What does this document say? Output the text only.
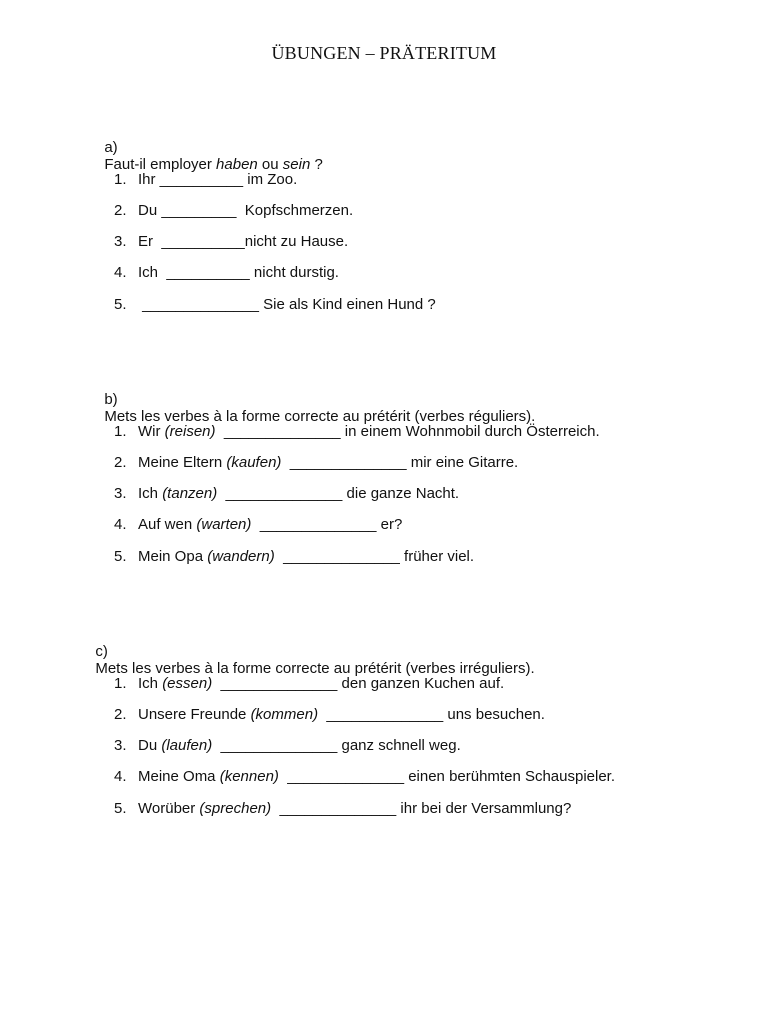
ÜBUNGEN – PRÄTERITUM

a)
Faut-il employer haben ou sein ?

1. Ihr __________ im Zoo.
2. Du _________  Kopfschmerzen.
3. Er  __________nicht zu Hause.
4. Ich  __________ nicht durstig.
5. ______________ Sie als Kind einen Hund ?

b)
Mets les verbes à la forme correcte au prétérit (verbes réguliers).

1. Wir (reisen)  ______________ in einem Wohnmobil durch Österreich.
2. Meine Eltern (kaufen)  ______________ mir eine Gitarre.
3. Ich (tanzen)  ______________ die ganze Nacht.
4. Auf wen (warten)  ______________ er?
5. Mein Opa (wandern)  ______________ früher viel.

c)
Mets les verbes à la forme correcte au prétérit (verbes irréguliers).

1. Ich (essen)  ______________ den ganzen Kuchen auf.
2. Unsere Freunde (kommen)  ______________ uns besuchen.
3. Du (laufen)  ______________ ganz schnell weg.
4. Meine Oma (kennen)  ______________ einen berühmten Schauspieler.
5. Worüber (sprechen)  ______________ ihr bei der Versammlung?
